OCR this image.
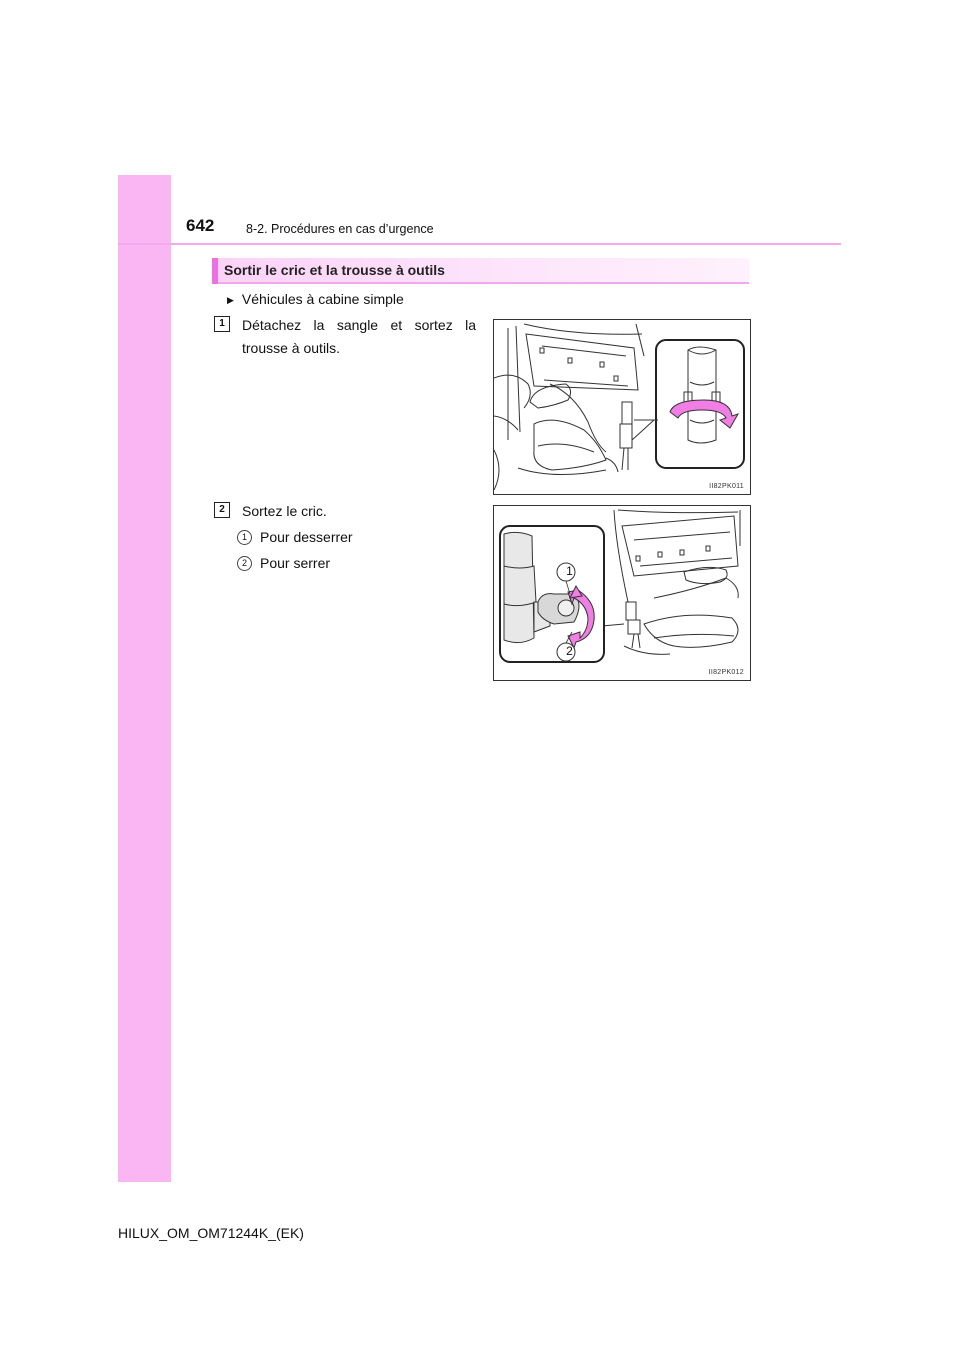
642	8-2. Procédures en cas d’urgence
Sortir le cric et la trousse à outils
▶ Véhicules à cabine simple
1	Détachez la sangle et sortez la trousse à outils.
II82PK011
2	Sortez le cric.
1 Pour desserrer
2 Pour serrer	1
2
II82PK012
HILUX_OM_OM71244K_(EK)
